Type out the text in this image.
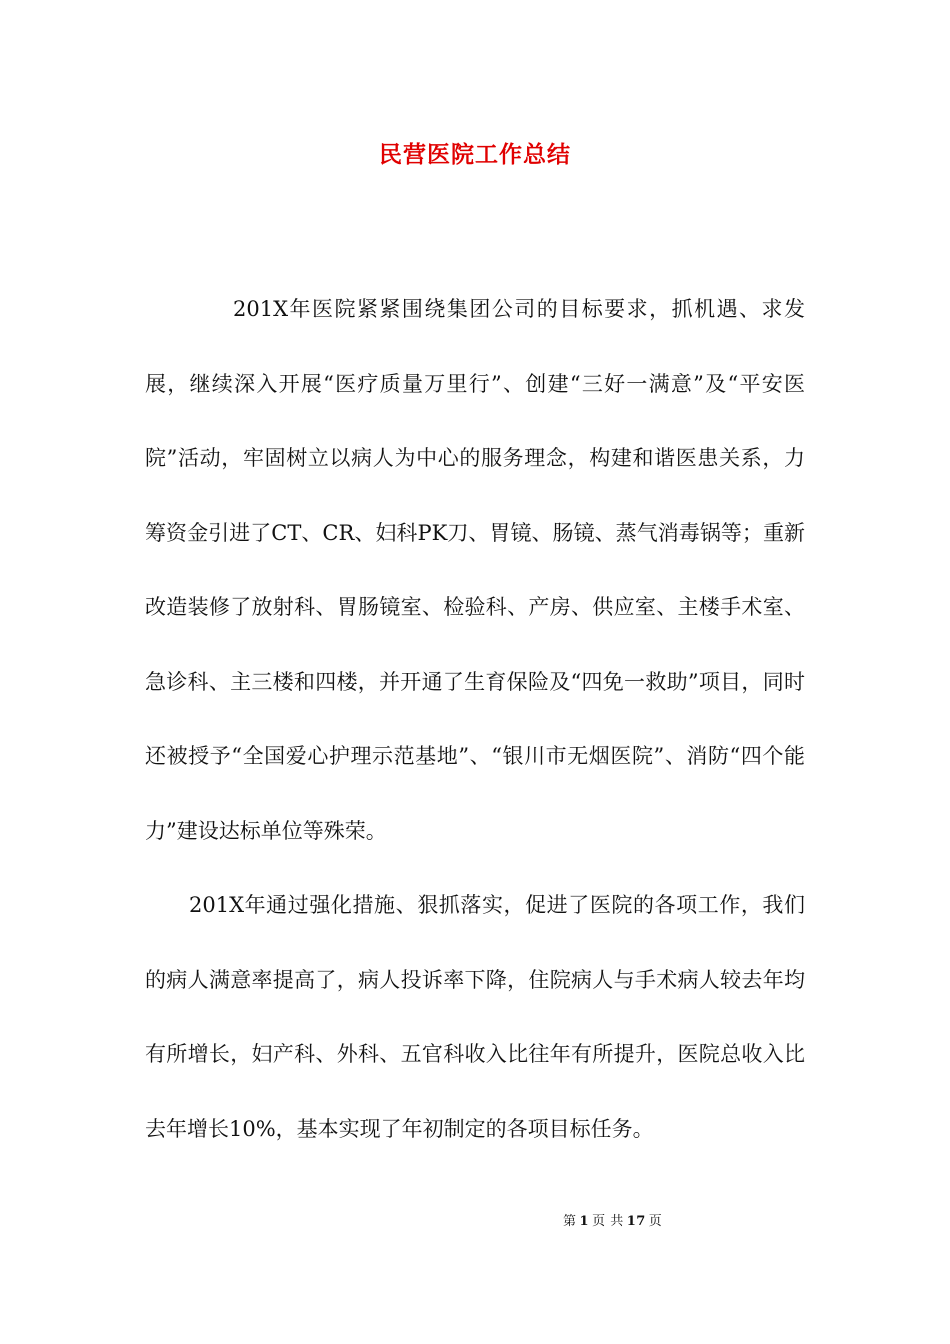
民营医院工作总结

201X年医院紧紧围绕集团公司的目标要求，抓机遇、求发展，继续深入开展“医疗质量万里行”、创建“三好一满意”及“平安医院”活动，牢固树立以病人为中心的服务理念，构建和谐医患关系，力筹资金引进了CT、CR、妇科PK刀、胃镜、肠镜、蒸气消毒锅等；重新改造装修了放射科、胃肠镜室、检验科、产房、供应室、主楼手术室、急诊科、主三楼和四楼，并开通了生育保险及“四免一救助”项目，同时还被授予“全国爱心护理示范基地”、“银川市无烟医院”、消防“四个能力”建设达标单位等殊荣。

201X年通过强化措施、狠抓落实，促进了医院的各项工作，我们的病人满意率提高了，病人投诉率下降，住院病人与手术病人较去年均有所增长，妇产科、外科、五官科收入比往年有所提升，医院总收入比去年增长10%，基本实现了年初制定的各项目标任务。

第 1 页 共 17 页
